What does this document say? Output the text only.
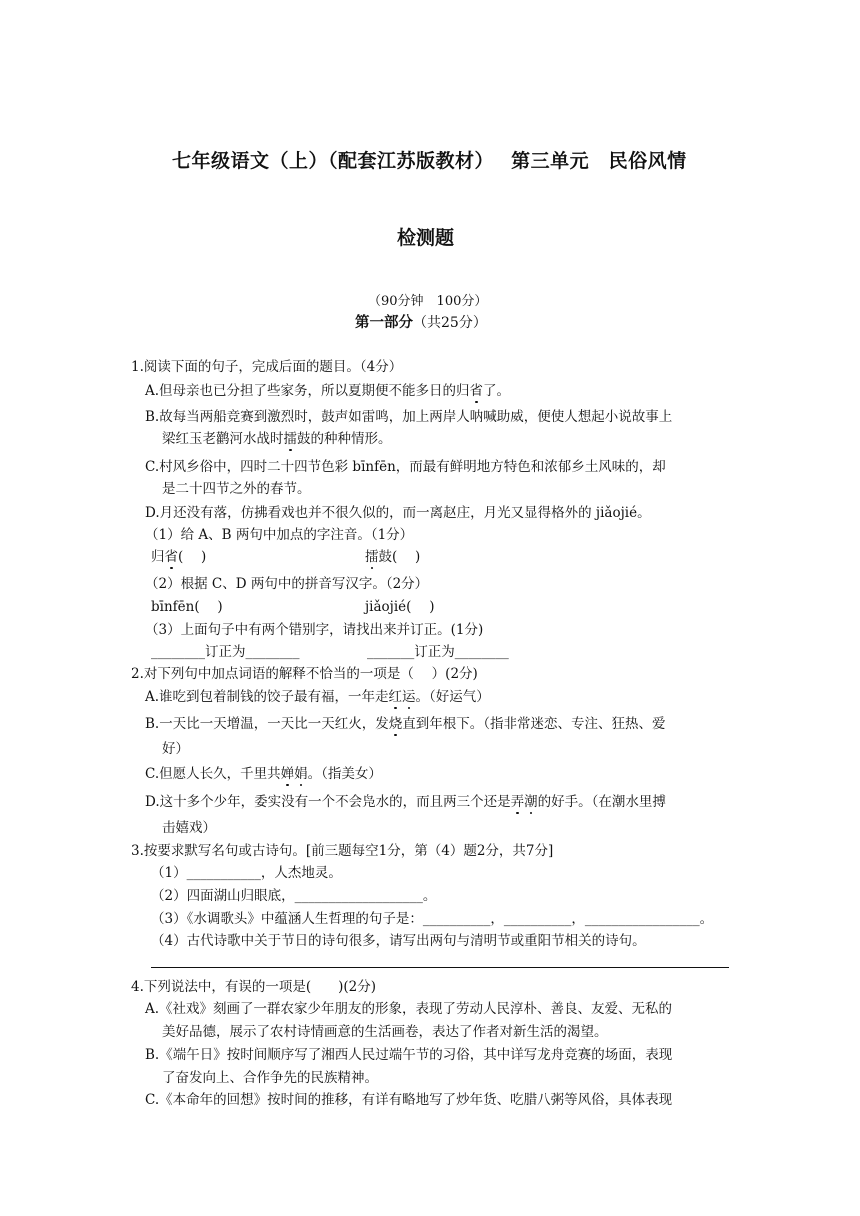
七年级语文（上）（配套江苏版教材）　 第三单元　民俗风情
检测题
（90分钟　100分）
第一部分（共25分）
1.阅读下面的句子，完成后面的题目。（4分）
A.但母亲也已分担了些家务，所以夏期便不能多日的归省了。
B.故每当两船竞赛到激烈时，鼓声如雷鸣，加上两岸人呐喊助威，便使人想起小说故事上
梁红玉老鹳河水战时擂鼓的种种情形。
C.村风乡俗中，四时二十四节色彩 bīnfēn，而最有鲜明地方特色和浓郁乡土风味的，却
是二十四节之外的春节。
D.月还没有落，仿拂看戏也并不很久似的，而一离赵庄，月光又显得格外的 jiǎojié。
（1）给 A、B 两句中加点的字注音。（1分）
归省(　 )	擂鼓(　 )
（2）根据 C、D 两句中的拼音写汉字。（2分）
bīnfēn(　 )	jiǎojié(　 )
（3）上面句子中有两个错别字，请找出来并订正。(1分)
________订正为________	_______订正为________
2.对下列句中加点词语的解释不恰当的一项是（　 ）(2分)
A.谁吃到包着制钱的饺子最有福，一年走红运。（好运气）
B.一天比一天增温，一天比一天红火，发烧直到年根下。（指非常迷恋、专注、狂热、爱
好）
C.但愿人长久，千里共婵娟。（指美女）
D.这十多个少年，委实没有一个不会凫水的，而且两三个还是弄潮的好手。（在潮水里搏
击嬉戏）
3.按要求默写名句或古诗句。[前三题每空1分，第（4）题2分，共7分]
（1）___________，人杰地灵。
（2）四面湖山归眼底，___________________。
（3）《水调歌头》中蕴涵人生哲理的句子是：__________，__________，_________________。
（4）古代诗歌中关于节日的诗句很多，请写出两句与清明节或重阳节相关的诗句。
4.下列说法中，有误的一项是(　　)(2分)
A.《社戏》刻画了一群农家少年朋友的形象，表现了劳动人民淳朴、善良、友爱、无私的
美好品德，展示了农村诗情画意的生活画卷，表达了作者对新生活的渴望。
B.《端午日》按时间顺序写了湘西人民过端午节的习俗，其中详写龙舟竞赛的场面，表现
了奋发向上、合作争先的民族精神。
C.《本命年的回想》按时间的推移，有详有略地写了炒年货、吃腊八粥等风俗，具体表现
